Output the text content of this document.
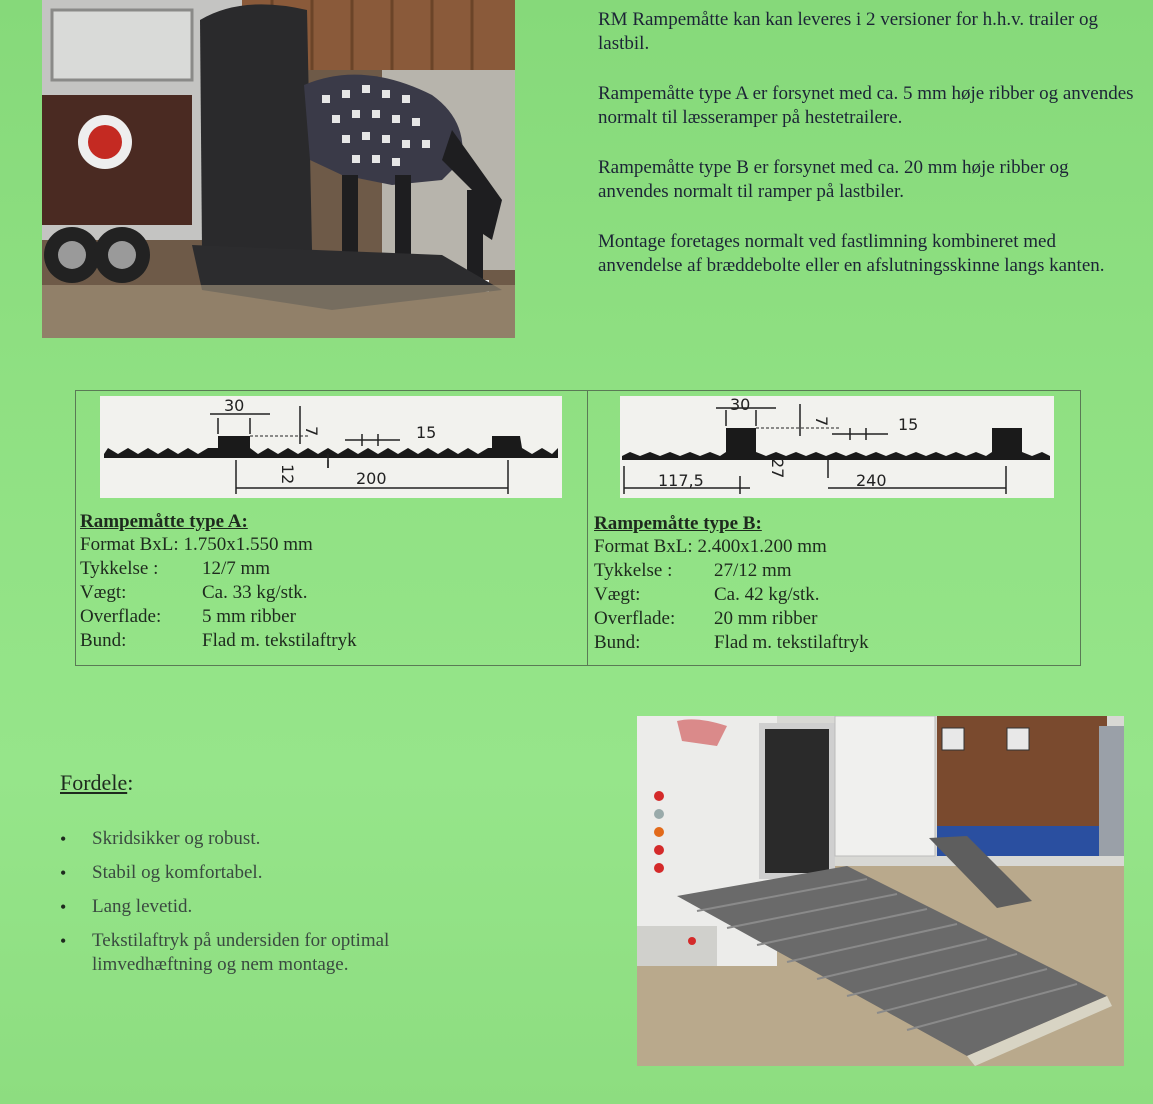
RM Rampemåtte kan kan leveres i 2 versioner for h.h.v. trailer og lastbil.

Rampemåtte type A er forsynet med ca. 5 mm høje ribber og anvendes normalt til læsseramper på hestetrailere.

Rampemåtte type B er forsynet med ca. 20 mm høje ribber og anvendes normalt til ramper på lastbiler.

Montage foretages normalt ved fastlimning kombineret med anvendelse af bræddebolte eller en afslutningsskinne langs kanten.

30
7	15
12	200
30
7	15
27
117,5	240
Rampemåtte type A:
Format BxL:
1.750x1.550 mm
Tykkelse :	12/7 mm
Vægt:	Ca. 33 kg/stk.
Overflade:	5 mm ribber
Bund:	Flad m. tekstilaftryk
Rampemåtte type B:
Format BxL:
2.400x1.200 mm
Tykkelse :	27/12 mm
Vægt:	Ca. 42 kg/stk.
Overflade:	20 mm ribber
Bund:	Flad m. tekstilaftryk
Fordele:
• Skridsikker og robust.
• Stabil og komfortabel.
• Lang levetid.
• Tekstilaftryk på undersiden for optimal limvedhæftning og nem montage.
